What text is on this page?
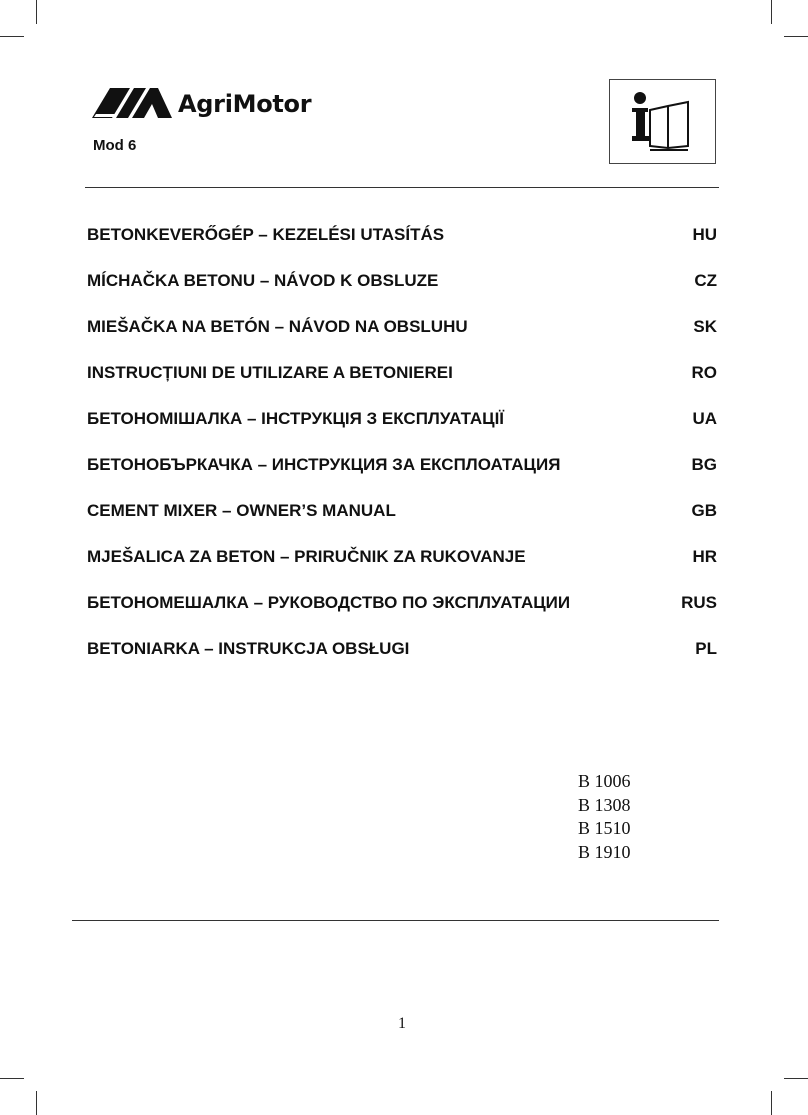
AgriMotor
Mod 6
BETONKEVERŐGÉP – KEZELÉSI UTASÍTÁS	HU
MÍCHAČKA BETONU – NÁVOD K OBSLUZE	CZ
MIEŠAČKA NA BETÓN – NÁVOD NA OBSLUHU	SK
INSTRUCȚIUNI DE UTILIZARE A BETONIEREI	RO
БЕТОНОМІШАЛКА – ІНСТРУКЦІЯ З ЕКСПЛУАТАЦІЇ	UA
БЕТОНОБЪРКАЧКА – ИНСТРУКЦИЯ ЗА ЕКСПЛОАТАЦИЯ	BG
CEMENT MIXER – OWNER’S MANUAL	GB
MJEŠALICA ZA BETON – PRIRUČNIK ZA RUKOVANJE	HR
БЕТОНОМЕШАЛКА – РУКОВОДСТВО ПО ЭКСПЛУАТАЦИИ	RUS
BETONIARKA – INSTRUKCJA OBSŁUGI	PL
B 1006
B 1308
B 1510
B 1910
1
